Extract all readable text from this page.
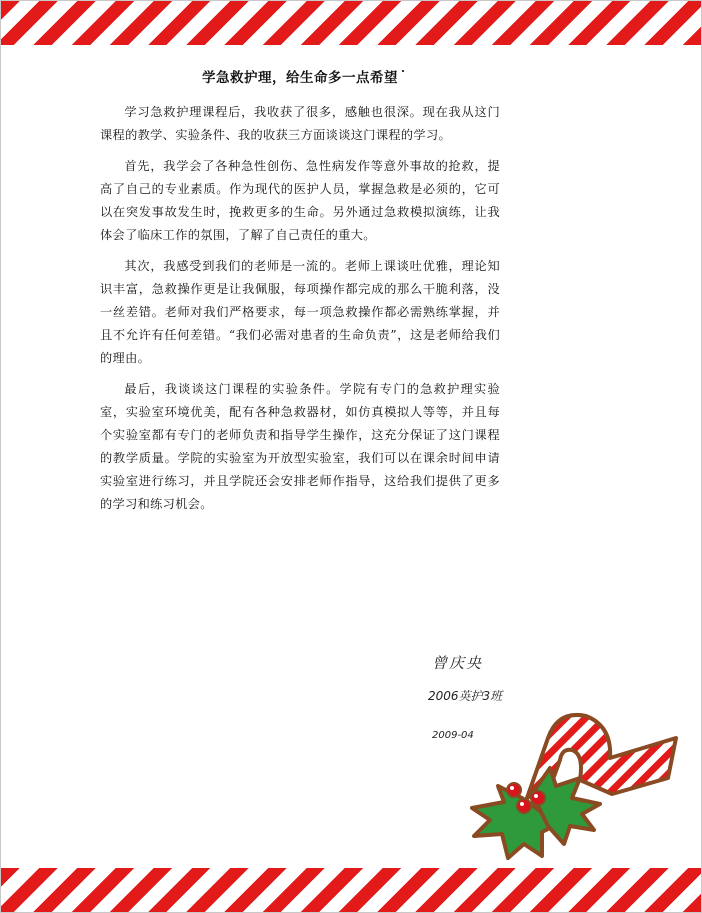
学急救护理，给生命多一点希望

学习急救护理课程后，我收获了很多，感触也很深。现在我从这门课程的教学、实验条件、我的收获三方面谈谈这门课程的学习。

首先，我学会了各种急性创伤、急性病发作等意外事故的抢救，提高了自己的专业素质。作为现代的医护人员，掌握急救是必须的，它可以在突发事故发生时，挽救更多的生命。另外通过急救模拟演练，让我体会了临床工作的氛围，了解了自己责任的重大。

其次，我感受到我们的老师是一流的。老师上课谈吐优雅，理论知识丰富，急救操作更是让我佩服，每项操作都完成的那么干脆利落，没一丝差错。老师对我们严格要求，每一项急救操作都必需熟练掌握，并且不允许有任何差错。“我们必需对患者的生命负责”，这是老师给我们的理由。

最后，我谈谈这门课程的实验条件。学院有专门的急救护理实验室，实验室环境优美，配有各种急救器材，如仿真模拟人等等，并且每个实验室都有专门的老师负责和指导学生操作，这充分保证了这门课程的教学质量。学院的实验室为开放型实验室，我们可以在课余时间申请实验室进行练习，并且学院还会安排老师作指导，这给我们提供了更多的学习和练习机会。

曾庆央
2006英护3班
2009-04
